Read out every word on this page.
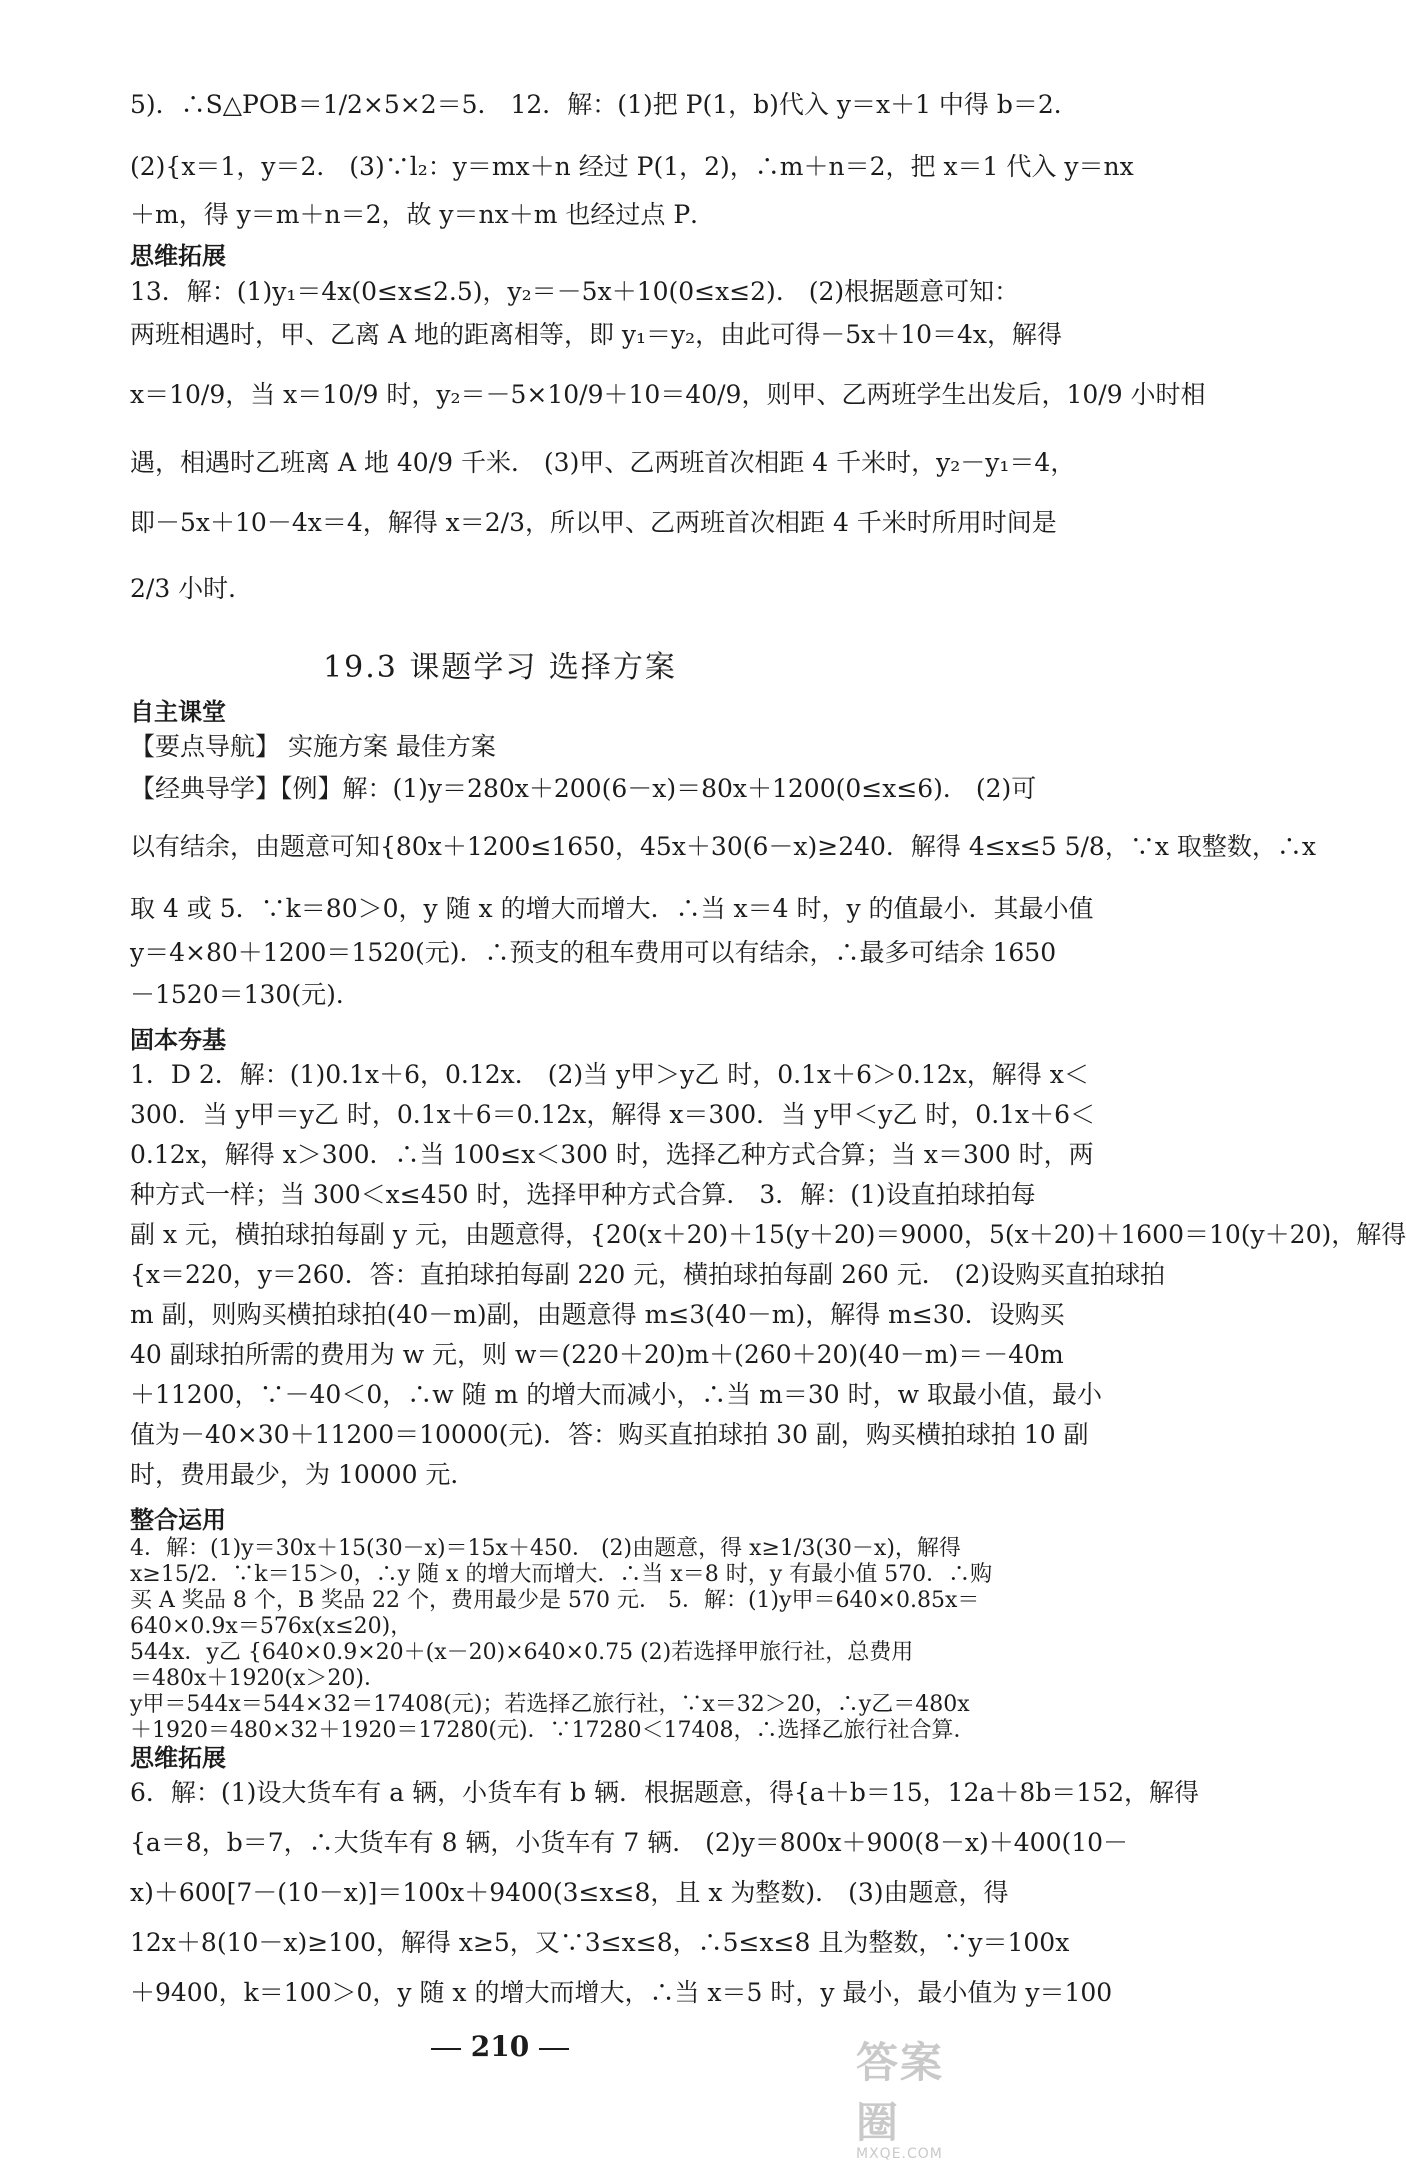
5)．∴S△POB＝1/2×5×2＝5． 12．解：(1)把 P(1，b)代入 y＝x＋1 中得 b＝2．
(2){x＝1，y＝2． (3)∵l₂：y＝mx＋n 经过 P(1，2)，∴m＋n＝2，把 x＝1 代入 y＝nx
＋m，得 y＝m＋n＝2，故 y＝nx＋m 也经过点 P．
思维拓展
13．解：(1)y₁＝4x(0≤x≤2.5)，y₂＝－5x＋10(0≤x≤2)． (2)根据题意可知：
两班相遇时，甲、乙离 A 地的距离相等，即 y₁＝y₂，由此可得－5x＋10＝4x，解得
x＝10/9，当 x＝10/9 时，y₂＝－5×10/9＋10＝40/9，则甲、乙两班学生出发后，10/9 小时相
遇，相遇时乙班离 A 地 40/9 千米． (3)甲、乙两班首次相距 4 千米时，y₂－y₁＝4，
即－5x＋10－4x＝4，解得 x＝2/3，所以甲、乙两班首次相距 4 千米时所用时间是
2/3 小时．
19.3 课题学习 选择方案
自主课堂
【要点导航】 实施方案 最佳方案
【经典导学】【例】解：(1)y＝280x＋200(6－x)＝80x＋1200(0≤x≤6)． (2)可
以有结余，由题意可知{80x＋1200≤1650，45x＋30(6－x)≥240．解得 4≤x≤5 5/8，∵x 取整数，∴x
取 4 或 5．∵k＝80＞0，y 随 x 的增大而增大．∴当 x＝4 时，y 的值最小．其最小值
y＝4×80＋1200＝1520(元)．∴预支的租车费用可以有结余，∴最多可结余 1650
－1520＝130(元)．
固本夯基
1．D 2．解：(1)0.1x＋6，0.12x． (2)当 y甲＞y乙 时，0.1x＋6＞0.12x，解得 x＜
300．当 y甲＝y乙 时，0.1x＋6＝0.12x，解得 x＝300．当 y甲＜y乙 时，0.1x＋6＜
0.12x，解得 x＞300．∴当 100≤x＜300 时，选择乙种方式合算；当 x＝300 时，两
种方式一样；当 300＜x≤450 时，选择甲种方式合算． 3．解：(1)设直拍球拍每
副 x 元，横拍球拍每副 y 元，由题意得，{20(x＋20)＋15(y＋20)＝9000，5(x＋20)＋1600＝10(y＋20)，解得
{x＝220，y＝260．答：直拍球拍每副 220 元，横拍球拍每副 260 元． (2)设购买直拍球拍
m 副，则购买横拍球拍(40－m)副，由题意得 m≤3(40－m)，解得 m≤30．设购买
40 副球拍所需的费用为 w 元，则 w＝(220＋20)m＋(260＋20)(40－m)＝－40m
＋11200，∵－40＜0，∴w 随 m 的增大而减小，∴当 m＝30 时，w 取最小值，最小
值为－40×30＋11200＝10000(元)．答：购买直拍球拍 30 副，购买横拍球拍 10 副
时，费用最少，为 10000 元．
整合运用
4．解：(1)y＝30x＋15(30－x)＝15x＋450． (2)由题意，得 x≥1/3(30－x)，解得
x≥15/2．∵k＝15＞0，∴y 随 x 的增大而增大．∴当 x＝8 时，y 有最小值 570．∴购
买 A 奖品 8 个，B 奖品 22 个，费用最少是 570 元． 5．解：(1)y甲＝640×0.85x＝
640×0.9x＝576x(x≤20)，
544x．y乙 {640×0.9×20＋(x－20)×640×0.75 (2)若选择甲旅行社，总费用
＝480x＋1920(x＞20)．
y甲＝544x＝544×32＝17408(元)；若选择乙旅行社，∵x＝32＞20，∴y乙＝480x
＋1920＝480×32＋1920＝17280(元)．∵17280＜17408，∴选择乙旅行社合算．
思维拓展
6．解：(1)设大货车有 a 辆，小货车有 b 辆．根据题意，得{a＋b＝15，12a＋8b＝152，解得
{a＝8，b＝7，∴大货车有 8 辆，小货车有 7 辆． (2)y＝800x＋900(8－x)＋400(10－
x)＋600[7－(10－x)]＝100x＋9400(3≤x≤8，且 x 为整数)． (3)由题意，得
12x＋8(10－x)≥100，解得 x≥5，又∵3≤x≤8，∴5≤x≤8 且为整数，∵y＝100x
＋9400，k＝100＞0，y 随 x 的增大而增大，∴当 x＝5 时，y 最小，最小值为 y＝100
210	答案圈
MXQE.COM
